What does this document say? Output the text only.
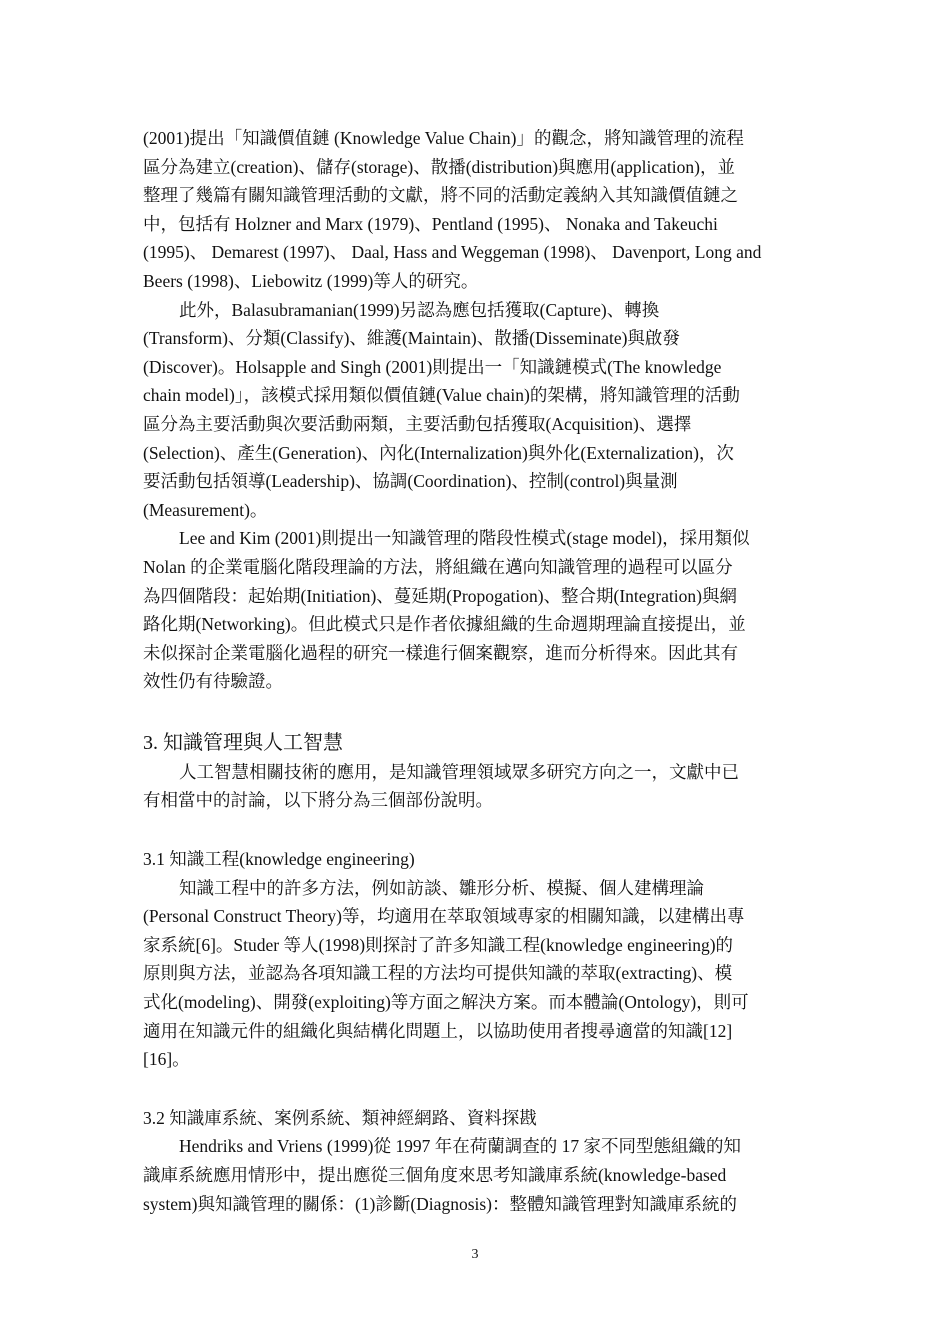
(2001)提出「知識價值鏈 (Knowledge Value Chain)」的觀念，將知識管理的流程
區分為建立(creation)、儲存(storage)、散播(distribution)與應用(application)，並
整理了幾篇有關知識管理活動的文獻，將不同的活動定義納入其知識價值鏈之
中，包括有 Holzner and Marx (1979)、Pentland (1995)、 Nonaka and Takeuchi
(1995)、 Demarest (1997)、 Daal, Hass and Weggeman (1998)、 Davenport, Long and
Beers (1998)、Liebowitz (1999)等人的研究。
此外，Balasubramanian(1999)另認為應包括獲取(Capture)、轉換
(Transform)、分類(Classify)、維護(Maintain)、散播(Disseminate)與啟發
(Discover)。Holsapple and Singh (2001)則提出一「知識鏈模式(The knowledge
chain model)」，該模式採用類似價值鏈(Value chain)的架構，將知識管理的活動
區分為主要活動與次要活動兩類，主要活動包括獲取(Acquisition)、選擇
(Selection)、產生(Generation)、內化(Internalization)與外化(Externalization)，次
要活動包括領導(Leadership)、協調(Coordination)、控制(control)與量測
(Measurement)。
Lee and Kim (2001)則提出一知識管理的階段性模式(stage model)，採用類似
Nolan 的企業電腦化階段理論的方法，將組織在邁向知識管理的過程可以區分
為四個階段：起始期(Initiation)、蔓延期(Propogation)、整合期(Integration)與網
路化期(Networking)。但此模式只是作者依據組織的生命週期理論直接提出，並
未似探討企業電腦化過程的研究一樣進行個案觀察，進而分析得來。因此其有
效性仍有待驗證。
3. 知識管理與人工智慧
人工智慧相關技術的應用，是知識管理領域眾多研究方向之一，文獻中已
有相當中的討論，以下將分為三個部份說明。
3.1 知識工程(knowledge engineering)
知識工程中的許多方法，例如訪談、雛形分析、模擬、個人建構理論
(Personal Construct Theory)等，均適用在萃取領域專家的相關知識，以建構出專
家系統[6]。Studer 等人(1998)則探討了許多知識工程(knowledge engineering)的
原則與方法，並認為各項知識工程的方法均可提供知識的萃取(extracting)、模
式化(modeling)、開發(exploiting)等方面之解決方案。而本體論(Ontology)，則可
適用在知識元件的組織化與結構化問題上，以協助使用者搜尋適當的知識[12]
[16]。
3.2 知識庫系統、案例系統、類神經網路、資料探戡
Hendriks and Vriens (1999)從 1997 年在荷蘭調查的 17 家不同型態組織的知
識庫系統應用情形中，提出應從三個角度來思考知識庫系統(knowledge-based
system)與知識管理的關係：(1)診斷(Diagnosis)：整體知識管理對知識庫系統的
3
